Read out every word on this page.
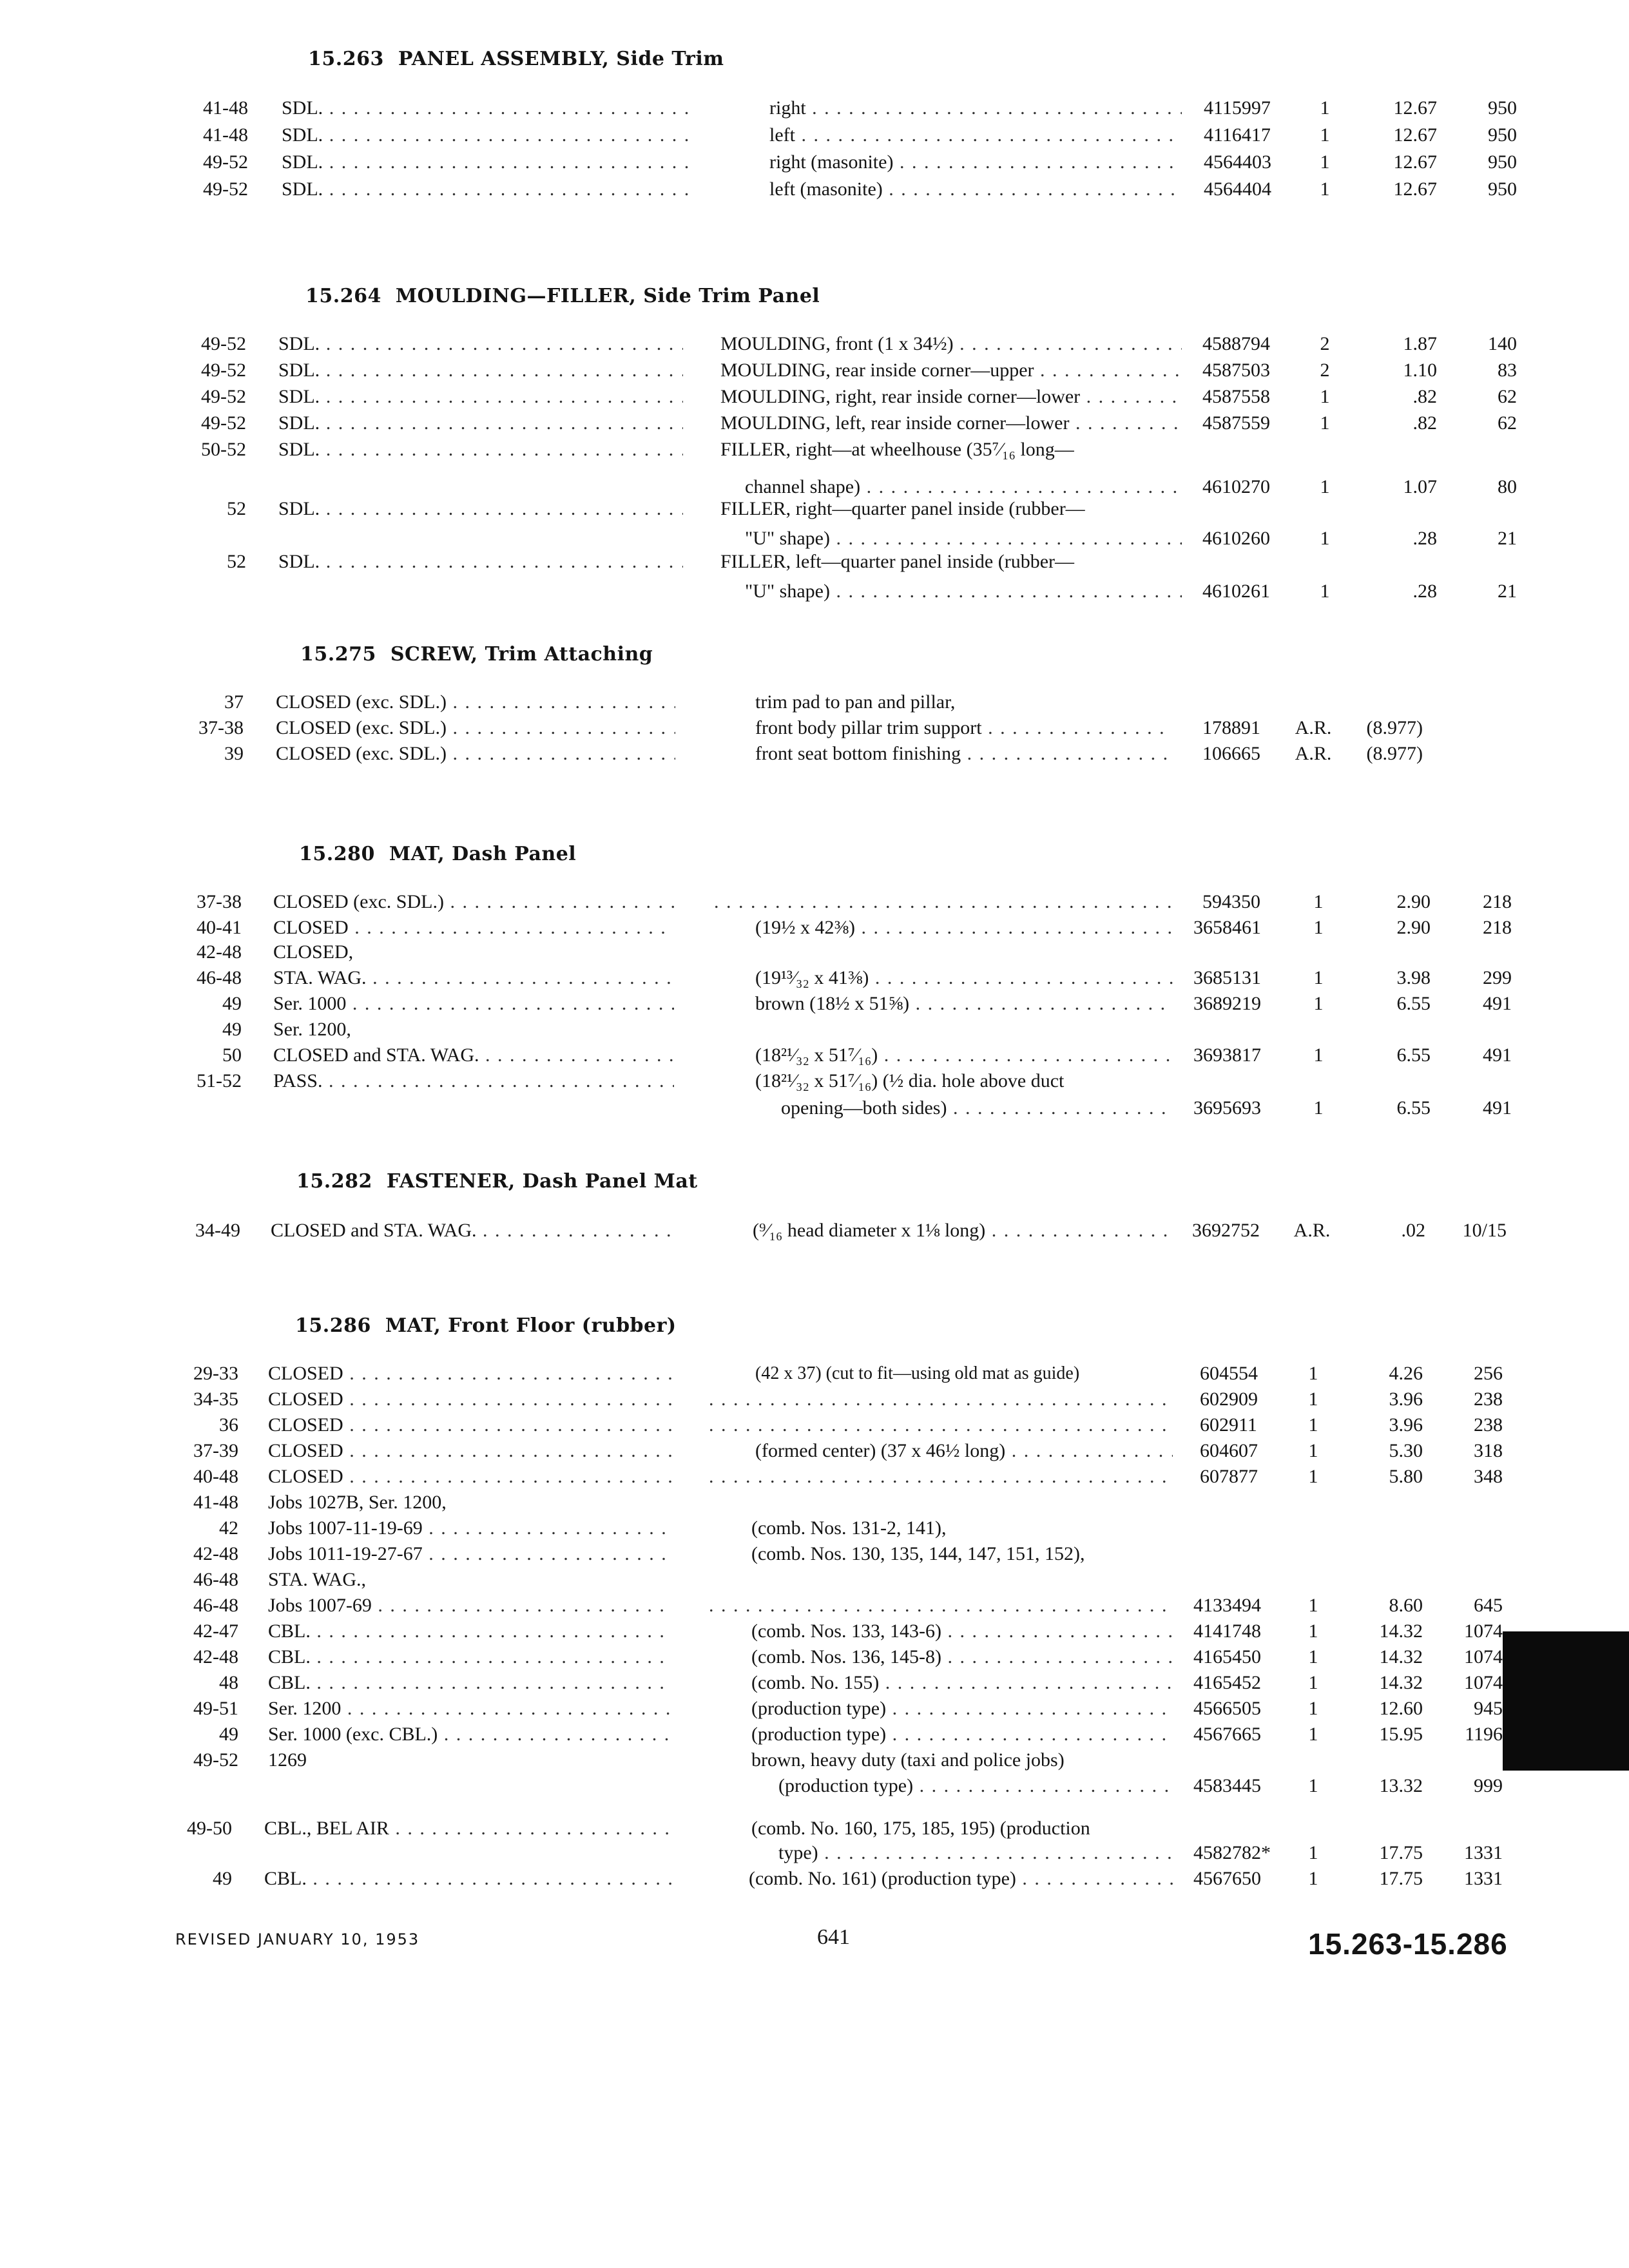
15.263 PANEL ASSEMBLY, Side Trim
41-48 SDL. . . .	right . . .	4115997	1	12.67	950
41-48 SDL. . . .	left . . .	4116417	1	12.67	950
49-52 SDL. . . .	right (masonite) . . .	4564403	1	12.67	950
49-52 SDL. . . .	left (masonite) . . .	4564404	1	12.67	950
15.264 MOULDING—FILLER, Side Trim Panel
49-52 SDL. . . .	MOULDING, front (1 x 34½) . . .	4588794	2	1.87	140
49-52 SDL. . . .	MOULDING, rear inside corner—upper . . .	4587503	2	1.10	83
49-52 SDL. . . .	MOULDING, right, rear inside corner—lower . . .	4587558	1	.82	62
49-52 SDL. . . .	MOULDING, left, rear inside corner—lower . . .	4587559	1	.82	62
50-52 SDL. . . .	FILLER, right—at wheelhouse (35⁷⁄₁₆ long—
channel shape) . . .	4610270	1	1.07	80
52 SDL. . . .	FILLER, right—quarter panel inside (rubber—
"U" shape) . . .	4610260	1	.28	21
52 SDL. . . .	FILLER, left—quarter panel inside (rubber—
"U" shape) . . .	4610261	1	.28	21
15.275 SCREW, Trim Attaching
37 CLOSED (exc. SDL.) . . .	trim pad to pan and pillar,
37-38 CLOSED (exc. SDL.) . . .	front body pillar trim support . . .	178891 A.R.	(8.977)
39 CLOSED (exc. SDL.) . . .	front seat bottom finishing . . .	106665 A.R.	(8.977)
15.280 MAT, Dash Panel
37-38 CLOSED (exc. SDL.) . . . . . .	594350	1	2.90	218
40-41 CLOSED . . .	(19½ x 42⅜) . . .	3658461	1	2.90	218
42-48 CLOSED,
46-48 STA. WAG. . . .	(19¹³⁄₃₂ x 41⅜) . . .	3685131	1	3.98	299
49 Ser. 1000 . . .	brown (18½ x 51⅝) . . .	3689219	1	6.55	491
49 Ser. 1200,
50 CLOSED and STA. WAG. . . .	(18²¹⁄₃₂ x 51⁷⁄₁₆) . . .	3693817	1	6.55	491
51-52 PASS. . . .	(18²¹⁄₃₂ x 51⁷⁄₁₆) (½ dia. hole above duct
opening—both sides) . . .	3695693	1	6.55	491
15.282 FASTENER, Dash Panel Mat
34-49 CLOSED and STA. WAG. . . .	(⁹⁄₁₆ head diameter x 1⅛ long) . . .	3692752 A.R.	.02	10/15
15.286 MAT, Front Floor (rubber)
29-33 CLOSED . . .	(42 x 37) (cut to fit—using old mat as guide)	604554	1	4.26	256
34-35 CLOSED . . . . . .	602909	1	3.96	238
36 CLOSED . . . . . .	602911	1	3.96	238
37-39 CLOSED . . .	(formed center) (37 x 46½ long) . . .	604607	1	5.30	318
40-48 CLOSED . . . . . .	607877	1	5.80	348
41-48 Jobs 1027B, Ser. 1200,
42 Jobs 1007-11-19-69 . . .	(comb. Nos. 131-2, 141),
42-48 Jobs 1011-19-27-67 . . .	(comb. Nos. 130, 135, 144, 147, 151, 152),
46-48 STA. WAG.,
46-48 Jobs 1007-69 . . . . . .	4133494	1	8.60	645
42-47 CBL. . . .	(comb. Nos. 133, 143-6) . . .	4141748	1	14.32	1074
42-48 CBL. . . .	(comb. Nos. 136, 145-8) . . .	4165450	1	14.32	1074
48 CBL. . . .	(comb. No. 155) . . .	4165452	1	14.32	1074
49-51 Ser. 1200 . . .	(production type) . . .	4566505	1	12.60	945
49 Ser. 1000 (exc. CBL.) . . .	(production type) . . .	4567665	1	15.95	1196
49-52 1269	brown, heavy duty (taxi and police jobs)
(production type) . . .	4583445	1	13.32	999
49-50 CBL., BEL AIR . . .	(comb. No. 160, 175, 185, 195) (production
type) . . .	4582782*	1	17.75	1331
49 CBL. . . .	(comb. No. 161) (production type) . . .	4567650	1	17.75	1331
REVISED JANUARY 10, 1953	641	15.263-15.286
